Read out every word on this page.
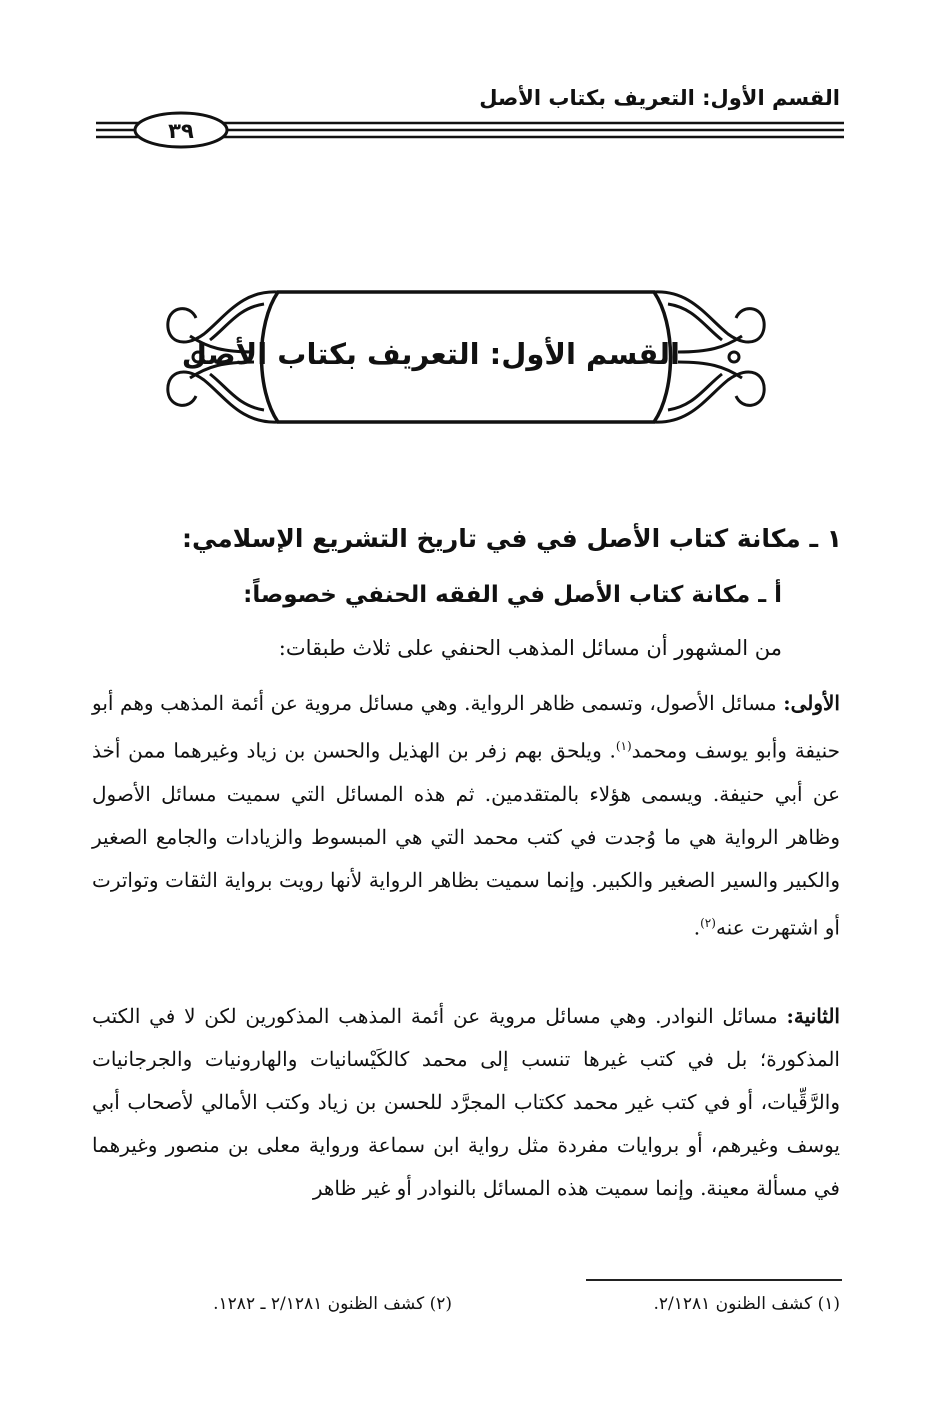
القسم الأول: التعريف بكتاب الأصل
٣٩
القسم الأول: التعريف بكتاب الأصل
١ ـ مكانة كتاب الأصل في في تاريخ التشريع الإسلامي:
أ ـ مكانة كتاب الأصل في الفقه الحنفي خصوصاً:
من المشهور أن مسائل المذهب الحنفي على ثلاث طبقات:
الأولى: مسائل الأصول، وتسمى ظاهر الرواية. وهي مسائل مروية عن أئمة المذهب وهم أبو حنيفة وأبو يوسف ومحمد$^{(١)}$. ويلحق بهم زفر بن الهذيل والحسن بن زياد وغيرهما ممن أخذ عن أبي حنيفة. ويسمى هؤلاء بالمتقدمين. ثم هذه المسائل التي سميت مسائل الأصول وظاهر الرواية هي ما وُجدت في كتب محمد التي هي المبسوط والزيادات والجامع الصغير والكبير والسير الصغير والكبير. وإنما سميت بظاهر الرواية لأنها رويت برواية الثقات وتواترت أو اشتهرت عنه$^{(٢)}$.
الثانية: مسائل النوادر. وهي مسائل مروية عن أئمة المذهب المذكورين لكن لا في الكتب المذكورة؛ بل في كتب غيرها تنسب إلى محمد كالكَيْسانيات والهارونيات والجرجانيات والرَّقِّيات، أو في كتب غير محمد ككتاب المجرَّد للحسن بن زياد وكتب الأمالي لأصحاب أبي يوسف وغيرهم، أو بروايات مفردة مثل رواية ابن سماعة ورواية معلى بن منصور وغيرهما في مسألة معينة. وإنما سميت هذه المسائل بالنوادر أو غير ظاهر
(١) كشف الظنون ٢/١٢٨١.
(٢) كشف الظنون ٢/١٢٨١ ـ ١٢٨٢.
